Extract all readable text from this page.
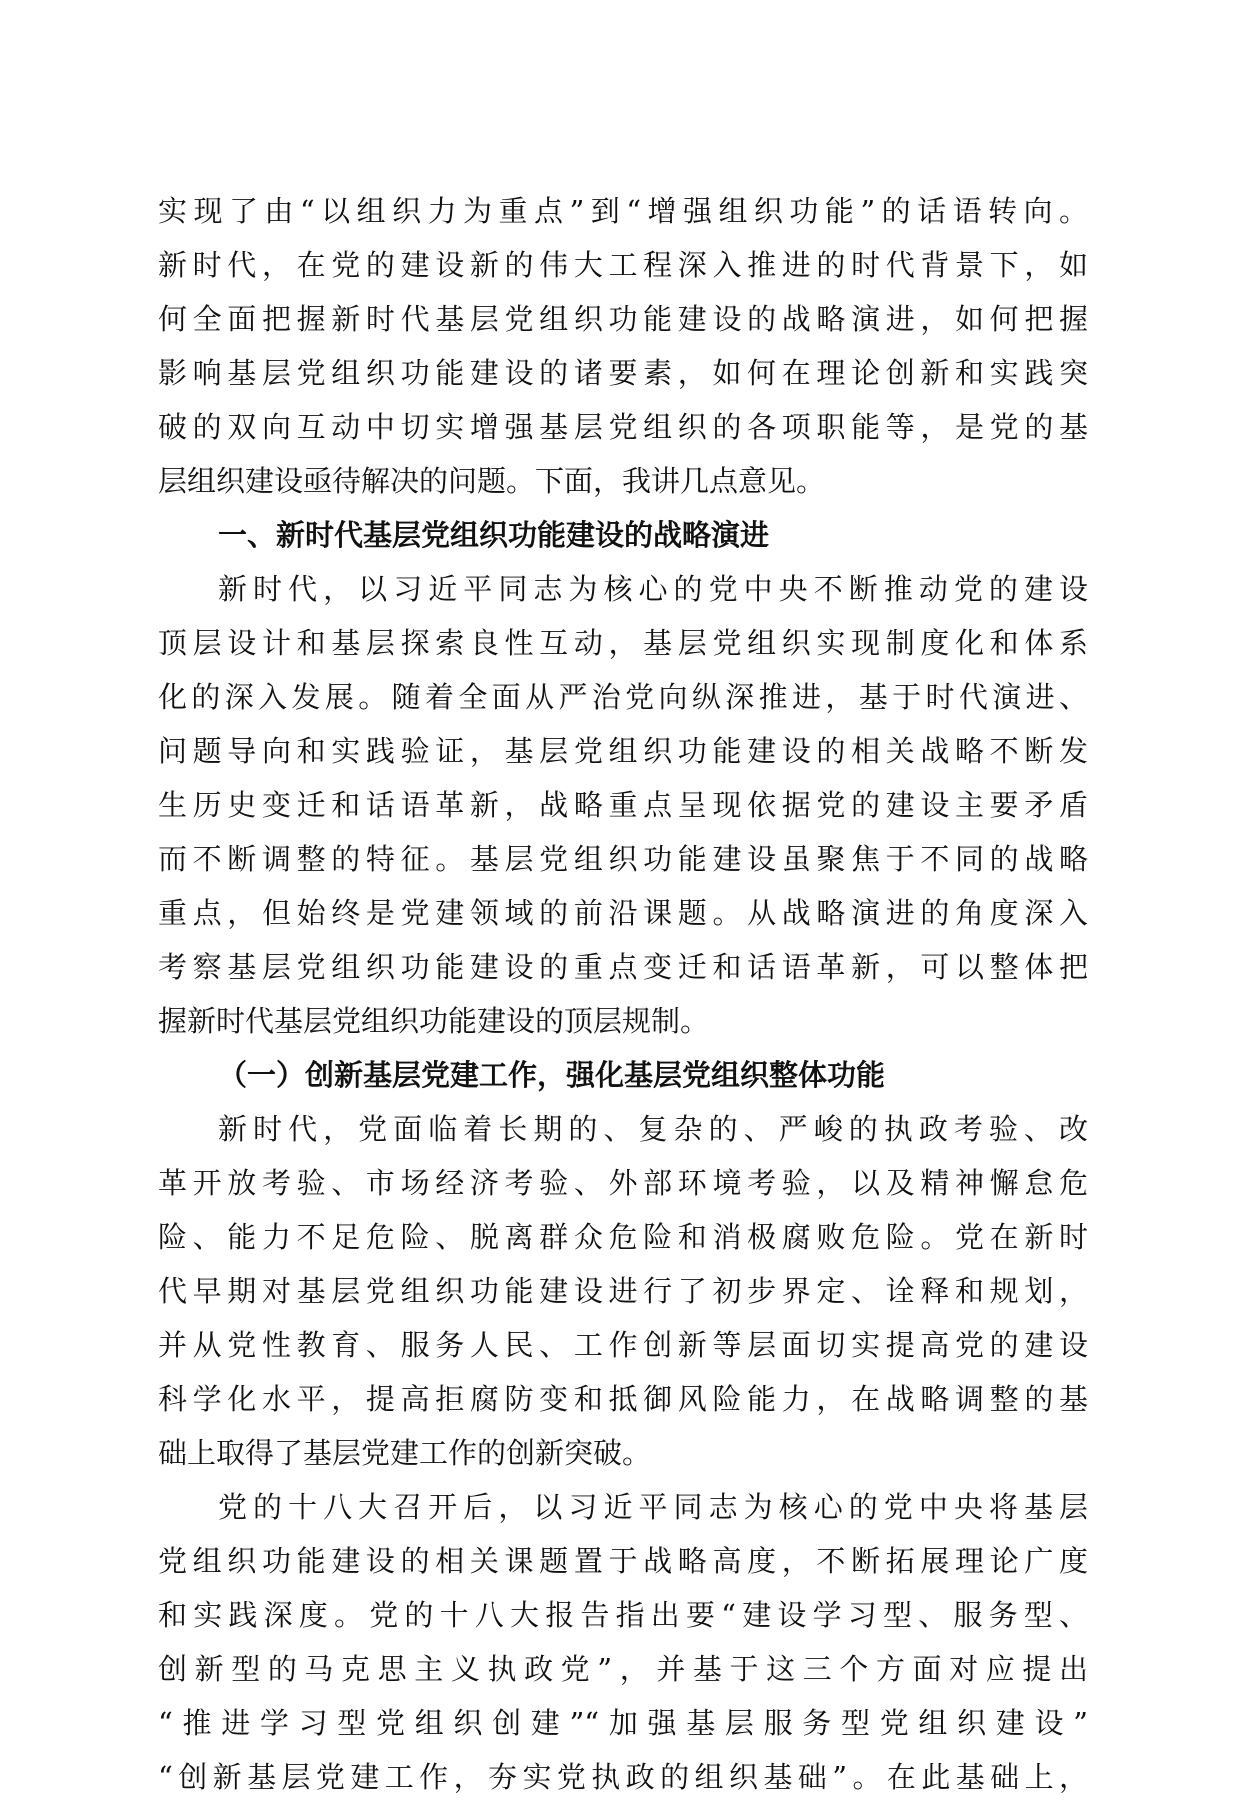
实现了由“以组织力为重点”到“增强组织功能”的话语转向。
新时代，在党的建设新的伟大工程深入推进的时代背景下，如
何全面把握新时代基层党组织功能建设的战略演进，如何把握
影响基层党组织功能建设的诸要素，如何在理论创新和实践突
破的双向互动中切实增强基层党组织的各项职能等，是党的基
层组织建设亟待解决的问题。下面，我讲几点意见。
一、新时代基层党组织功能建设的战略演进
新时代，以习近平同志为核心的党中央不断推动党的建设
顶层设计和基层探索良性互动，基层党组织实现制度化和体系
化的深入发展。随着全面从严治党向纵深推进，基于时代演进、
问题导向和实践验证，基层党组织功能建设的相关战略不断发
生历史变迁和话语革新，战略重点呈现依据党的建设主要矛盾
而不断调整的特征。基层党组织功能建设虽聚焦于不同的战略
重点，但始终是党建领域的前沿课题。从战略演进的角度深入
考察基层党组织功能建设的重点变迁和话语革新，可以整体把
握新时代基层党组织功能建设的顶层规制。
（一）创新基层党建工作，强化基层党组织整体功能
新时代，党面临着长期的、复杂的、严峻的执政考验、改
革开放考验、市场经济考验、外部环境考验，以及精神懈怠危
险、能力不足危险、脱离群众危险和消极腐败危险。党在新时
代早期对基层党组织功能建设进行了初步界定、诠释和规划，
并从党性教育、服务人民、工作创新等层面切实提高党的建设
科学化水平，提高拒腐防变和抵御风险能力，在战略调整的基
础上取得了基层党建工作的创新突破。
党的十八大召开后，以习近平同志为核心的党中央将基层
党组织功能建设的相关课题置于战略高度，不断拓展理论广度
和实践深度。党的十八大报告指出要“建设学习型、服务型、
创新型的马克思主义执政党”，并基于这三个方面对应提出
“推进学习型党组织创建”“加强基层服务型党组织建设”
“创新基层党建工作，夯实党执政的组织基础”。在此基础上，
